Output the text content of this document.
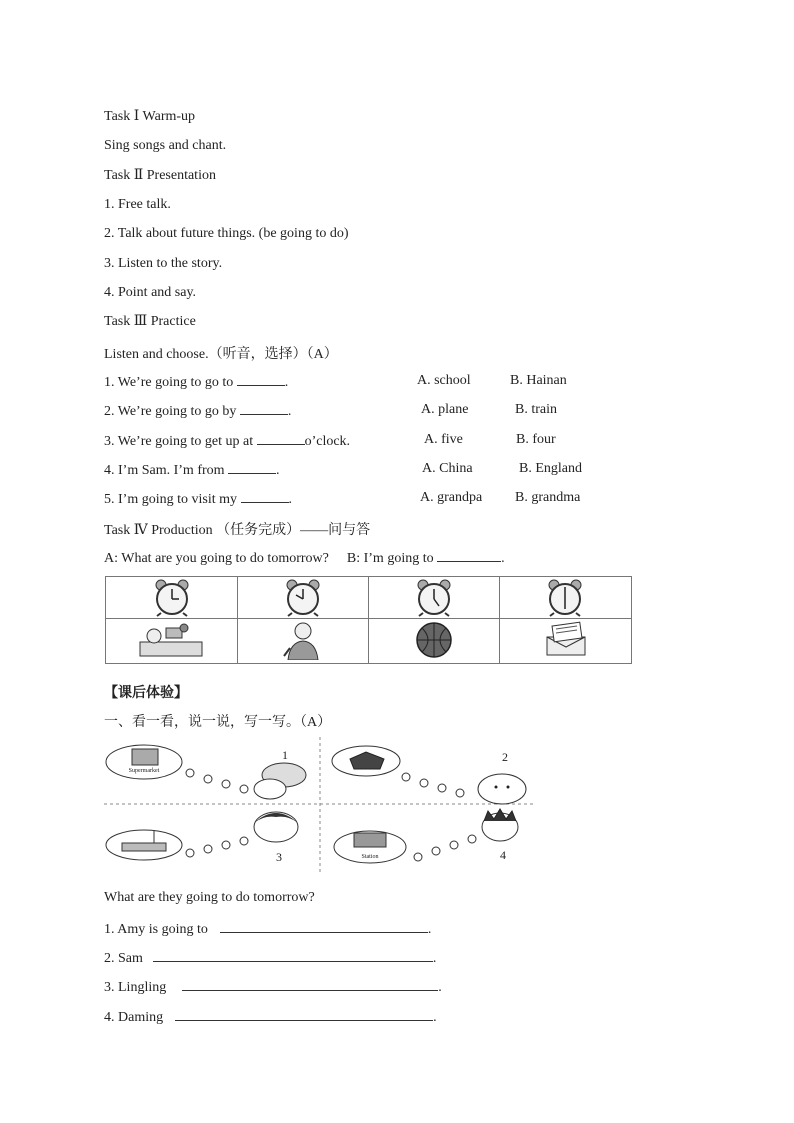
Task Ⅰ Warm-up
Sing songs and chant.
Task Ⅱ Presentation
1. Free talk.
2. Talk about future things. (be going to do)
3. Listen to the story.
4. Point and say.
Task Ⅲ Practice
Listen and choose.（听音，选择）（A）
1. We’re going to go to	.	A. school	B. Hainan
2. We’re going to go by	.	A. plane	B. train
3. We’re going to get up at	o’clock.	A. five	B. four
4. I’m Sam. I’m from	.	A. China	B. England
5. I’m going to visit my	.	A. grandpa B. grandma
Task Ⅳ Production （任务完成）——问与答
A: What are you going to do tomorrow? B: I’m going to	.
【课后体验】
一、看一看，说一说，写一写。（A）
Supermarket
1	2
3	Station	4
What are they going to do tomorrow?
1. Amy is going to	.
2. Sam	.
3. Lingling	.
4. Daming	.
